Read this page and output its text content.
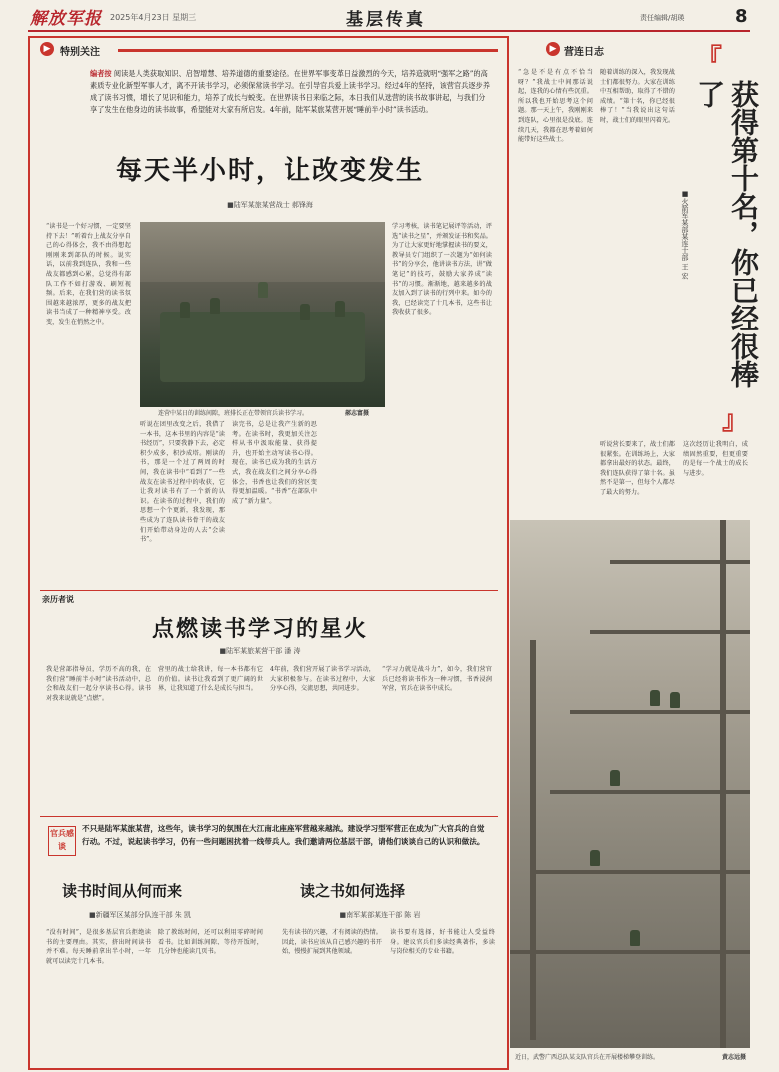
解放军报 2025年4月23日 星期三	基层传真	责任编辑/胡瑛	8
▶ 特别关注
编者按 阅读是人类获取知识、启智增慧、培养道德的重要途径。在世界军事变革日益激烈的今天，培养造就明“强军之路”的高素质专业化新型军事人才，离不开读书学习，必须保常读书学习。在引导官兵爱上读书学习。经过4年的坚持，该营官兵逐步养成了读书习惯，增长了见识和能力，培养了成长与蜕变。在世界读书日来临之际，本日我们从选营的读书故事讲起，与我们分享了发生在他身边的读书故事，希望能对大家有所启发。4年前，陆军某旅某营开展“睡前半小时”读书活动。
每天半小时，让改变发生
■陆军某旅某营战士 郝锋海
“读书是一个好习惯，一定要坚持下去！”听着台上战友分享自己的心得体会，我不由得想起刚刚来到部队的时候。说实话，以前我到连队，我和一些战友都感到心累，总觉得有部队工作不如打游戏、刷短视频。后来，在我们营的读书氛围越来越浓厚，更多的战友把读书当成了一种精神享受。改变，发生在悄然之中。
连营中某日的训练间隙，班排长正在带领官兵读书学习。	郝志富摄
听说在团里改变之后，我借了一本书，这本书里的内容是“读书经历”，只要我静下去，必定积少成多，积沙成塔。刚读的书，那是一个过了两周的时间，我在读书中“看到了”一些战友在读书过程中的收获，它让我对读书有了一个新的认识。在读书的过程中，我们的思想一个个更新，我发现，那些成为了连队读书骨干的战友们开始带动身边的人去“会读书”。
读完书，总是让我产生新的思考。在读书时，我更加关注怎样从书中汲取能量、获得提升，也开始主动写读书心得。现在，读书已成为我的生活方式，我在战友们之间分享心得体会，书香也让我们的营区变得更加温暖。“书香”在部队中成了“新力量”。
学习考核，读书笔记展评等活动，评选“读书之星”，并颁发证书和奖品。为了让大家更好地掌握读书的要义，教导员专门组织了一次题为“如何读书”的分享会，他讲读书方法，讲“做笔记”的技巧，鼓励大家养成“读书”的习惯。渐渐地，越来越多的战友加入到了读书的行列中来。如今的我，已经读完了十几本书，这些书让我收获了很多。
亲历者说
点燃读书学习的星火
■陆军某旅某营干部 潘 涛
我是营部指导员，学历不高的我，在我们营“睡前半小时”读书活动中，总会和战友们一起分享读书心得。读书对我来说就是“点燃”。
营里的战士给我讲，每一本书都有它的价值。读书让我看到了更广阔的世界，让我知道了什么是成长与担当。
4年前，我们营开展了读书学习活动，大家积极参与。在读书过程中，大家分享心得，交流思想，共同进步。
“学习力就是战斗力”，如今，我们营官兵已经将读书作为一种习惯，书香浸润军营，官兵在读书中成长。
官兵感谈
不只是陆军某旅某营，这些年，读书学习的氛围在大江南北座座军营越来越浓。建设学习型军营正在成为广大官兵的自觉行动。不过，说起读书学习，仍有一些问题困扰着一线带兵人。我们邀请两位基层干部，请他们谈谈自己的认识和做法。
读书时间从何而来
■新疆军区某部分队连干部 朱 凯
读之书如何选择
■南军某部某连干部 陈 岩
“没有时间”，是很多基层官兵拒绝读书的主要理由。其实，挤出时间读书并不难。每天睡前拿出半小时，一年就可以读完十几本书。
除了教练时间，还可以利用零碎时间看书。比如训练间隙、等待开饭时，几分钟也能读几页书。
先有读书的兴趣，才有阅读的热情。因此，读书应该从自己感兴趣的书开始，慢慢扩展到其他领域。
读书要有选择，好书能让人受益终身。建议官兵们多读经典著作，多读与岗位相关的专业书籍。
▶ 营连日志	『
获得第十名，你已经很棒了
』
■火箭军某部某连士部 王 宏
“急是不是有点不恰当呀？”我战士中间那话说起，连我的心情有些沉重。所以我也开始思考这个问题。那一天上午，我刚刚来到连队，心里很是没底。连续几天，我都在思考着如何能带好这些战士。
随着训练的深入，我发现战士们都很努力。大家在训练中互相帮助，取得了不错的成绩。“第十名，你已经很棒了！”当我说出这句话时，战士们的眼里闪着光。
听说营长要来了，战士们都很紧张。在训练场上，大家都拿出最好的状态。最终，我们连队获得了第十名。虽然不是第一，但每个人都尽了最大的努力。
这次经历让我明白，成绩固然重要，但更重要的是每一个战士的成长与进步。
近日，武警广西总队某支队官兵在开展楼梯攀登训练。	黄志远摄
